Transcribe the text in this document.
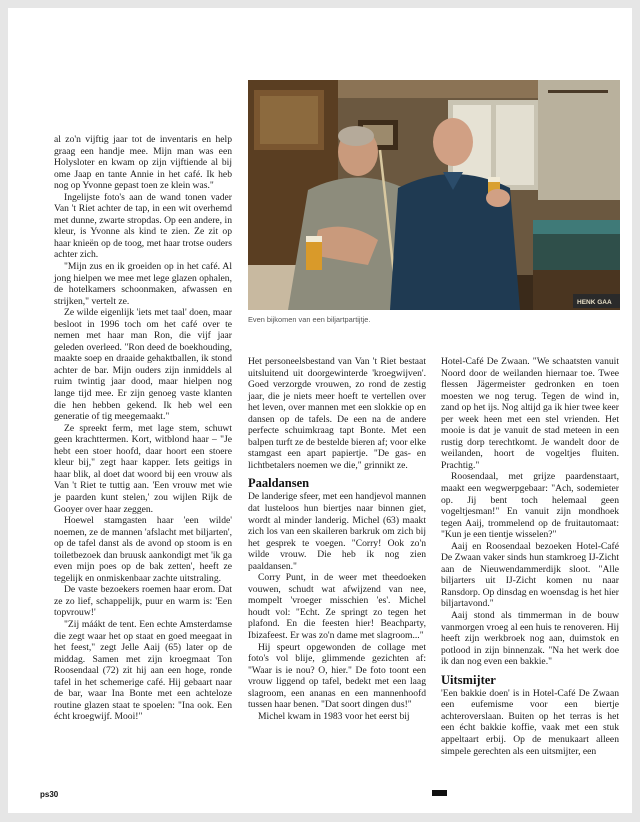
al zo'n vijftig jaar tot de inventaris en help graag een handje mee. Mijn man was een Holysloter en kwam op zijn vijftiende al bij ome Jaap en tante Annie in het café. Ik heb nog op Yvonne gepast toen ze klein was."

Ingelijste foto's aan de wand tonen vader Van 't Riet achter de tap, in een wit overhemd met dunne, zwarte stropdas. Op een andere, in kleur, is Yvonne als kind te zien. Ze zit op haar knieën op de toog, met haar trotse ouders achter zich.

"Mijn zus en ik groeiden op in het café. Al jong hielpen we mee met lege glazen ophalen, de hotelkamers schoonmaken, afwassen en strijken," vertelt ze.

Ze wilde eigenlijk 'iets met taal' doen, maar besloot in 1996 toch om het café over te nemen met haar man Ron, die vijf jaar geleden overleed. "Ron deed de boekhouding, maakte soep en draaide gehaktballen, ik stond achter de bar. Mijn ouders zijn inmiddels al ruim twintig jaar dood, maar hielpen nog lange tijd mee. Er zijn genoeg vaste klanten die hen hebben gekend. Ik heb wel een generatie of tig meegemaakt."

Ze spreekt ferm, met lage stem, schuwt geen krachttermen. Kort, witblond haar – "Je hebt een stoer hoofd, daar hoort een stoere kleur bij," zegt haar kapper. Iets geitigs in haar blik, al doet dat woord bij een vrouw als Van 't Riet te tuttig aan. 'Een vrouw met wie je paarden kunt stelen,' zou wijlen Rijk de Gooyer over haar zeggen.

Hoewel stamgasten haar 'een wilde' noemen, ze de mannen 'afslacht met biljarten', op de tafel danst als de avond op stoom is en toiletbezoek dan bruusk aankondigt met 'ik ga even mijn poes op de bak zetten', heeft ze tegelijk en onmiskenbaar zachte uitstraling.

De vaste bezoekers roemen haar erom. Dat ze zo lief, schappelijk, puur en warm is: 'Een topvrouw!'

"Zij máákt de tent. Een echte Amsterdamse die zegt waar het op staat en goed meegaat in het feest," zegt Jelle Aaij (65) later op de middag. Samen met zijn kroegmaat Ton Roosendaal (72) zit hij aan een hoge, ronde tafel in het schemerige café. Hij gebaart naar de bar, waar Ina Bonte met een achteloze routine glazen staat te spoelen: "Ina ook. Een écht kroegwijf. Mooi!"

HENK GAA
Even bijkomen van een biljartpartijtje.

Het personeelsbestand van Van 't Riet bestaat uitsluitend uit doorgewinterde 'kroegwijven'. Goed verzorgde vrouwen, zo rond de zestig jaar, die je niets meer hoeft te vertellen over het leven, over mannen met een slokkie op en dansen op de tafels. De een na de andere perfecte schuimkraag tapt Bonte. Met een balpen turft ze de bestelde bieren af; voor elke stamgast een apart papiertje. "De gas- en lichtbetalers noemen we die," grinnikt ze.

Paaldansen

De landerige sfeer, met een handjevol mannen dat lusteloos hun biertjes naar binnen giet, wordt al minder landerig. Michel (63) maakt zich los van een skaileren barkruk om zich bij het gesprek te voegen. "Corry! Ook zo'n wilde vrouw. Die heb ik nog zien paaldansen."

Corry Punt, in de weer met theedoeken vouwen, schudt wat afwijzend van nee, mompelt 'vroeger misschien 'es'. Michel houdt vol: "Echt. Ze springt zo tegen het plafond. En die feesten hier! Beachparty, Ibizafeest. Er was zo'n dame met slagroom..."

Hij speurt opgewonden de collage met foto's vol blije, glimmende gezichten af: "Waar is ie nou? O, hier." De foto toont een vrouw liggend op tafel, bedekt met een laag slagroom, een ananas en een mannenhoofd tussen haar benen. "Dat soort dingen dus!"

Michel kwam in 1983 voor het eerst bij

Hotel-Café De Zwaan. "We schaatsten vanuit Noord door de weilanden hiernaar toe. Twee flessen Jägermeister gedronken en toen moesten we nog terug. Tegen de wind in, zand op het ijs. Nog altijd ga ik hier twee keer per week heen met een stel vrienden. Het mooie is dat je vanuit de stad meteen in een rustig dorp terechtkomt. Je wandelt door de weilanden, hoort de vogeltjes fluiten. Prachtig."

Roosendaal, met grijze paardenstaart, maakt een wegwerpgebaar: "Ach, sodemieter op. Jij bent toch helemaal geen vogeltjesman!" En vanuit zijn mondhoek tegen Aaij, trommelend op de fruitautomaat: "Kun je een tientje wisselen?"

Aaij en Roosendaal bezoeken Hotel-Café De Zwaan vaker sinds hun stamkroeg IJ-Zicht aan de Nieuwendammerdijk sloot. "Alle biljarters uit IJ-Zicht komen nu naar Ransdorp. Op dinsdag en woensdag is het hier biljartavond."

Aaij stond als timmerman in de bouw vanmorgen vroeg al een huis te renoveren. Hij heeft zijn werkbroek nog aan, duimstok en potlood in zijn binnenzak. "Na het werk doe ik dan nog even een bakkie."

Uitsmijter

'Een bakkie doen' is in Hotel-Café De Zwaan een eufemisme voor een biertje achteroverslaan. Buiten op het terras is het een écht bakkie koffie, vaak met een stuk appeltaart erbij. Op de menukaart alleen simpele gerechten als een uitsmijter, een

ps30
